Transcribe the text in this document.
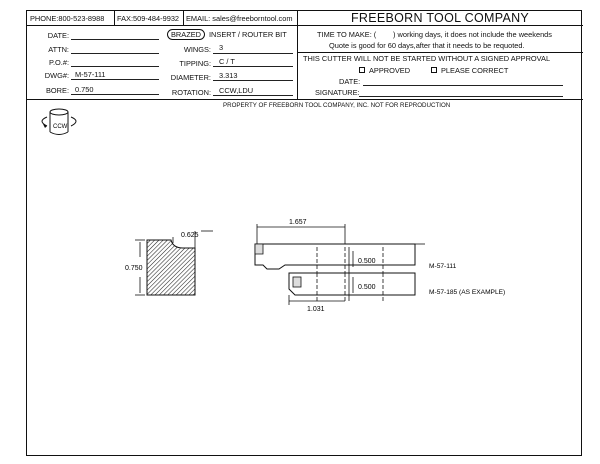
PHONE:800-523-8988 FAX:509-484-9932 EMAIL: sales@freeborntool.com	FREEBORN TOOL COMPANY
DATE:
ATTN:
P.O.#:
DWG#: M-57-111
BORE: 0.750
BRAZED	INSERT / ROUTER BIT
WINGS: 3
TIPPING: C / T
DIAMETER: 3.313
ROTATION: CCW,LDU
TIME TO MAKE: ( ) working days, it does not include the weekends
Quote is good for 60 days,after that it needs to be requoted.
THIS CUTTER WILL NOT BE STARTED WITHOUT A SIGNED APPROVAL
APPROVED	PLEASE CORRECT
DATE:
SIGNATURE:
PROPERTY OF FREEBORN TOOL COMPANY, INC. NOT FOR REPRODUCTION
CCW
0.625
0.750
1.657
0.500
0.500
1.031
M-57-111
M-57-185 (AS EXAMPLE)
